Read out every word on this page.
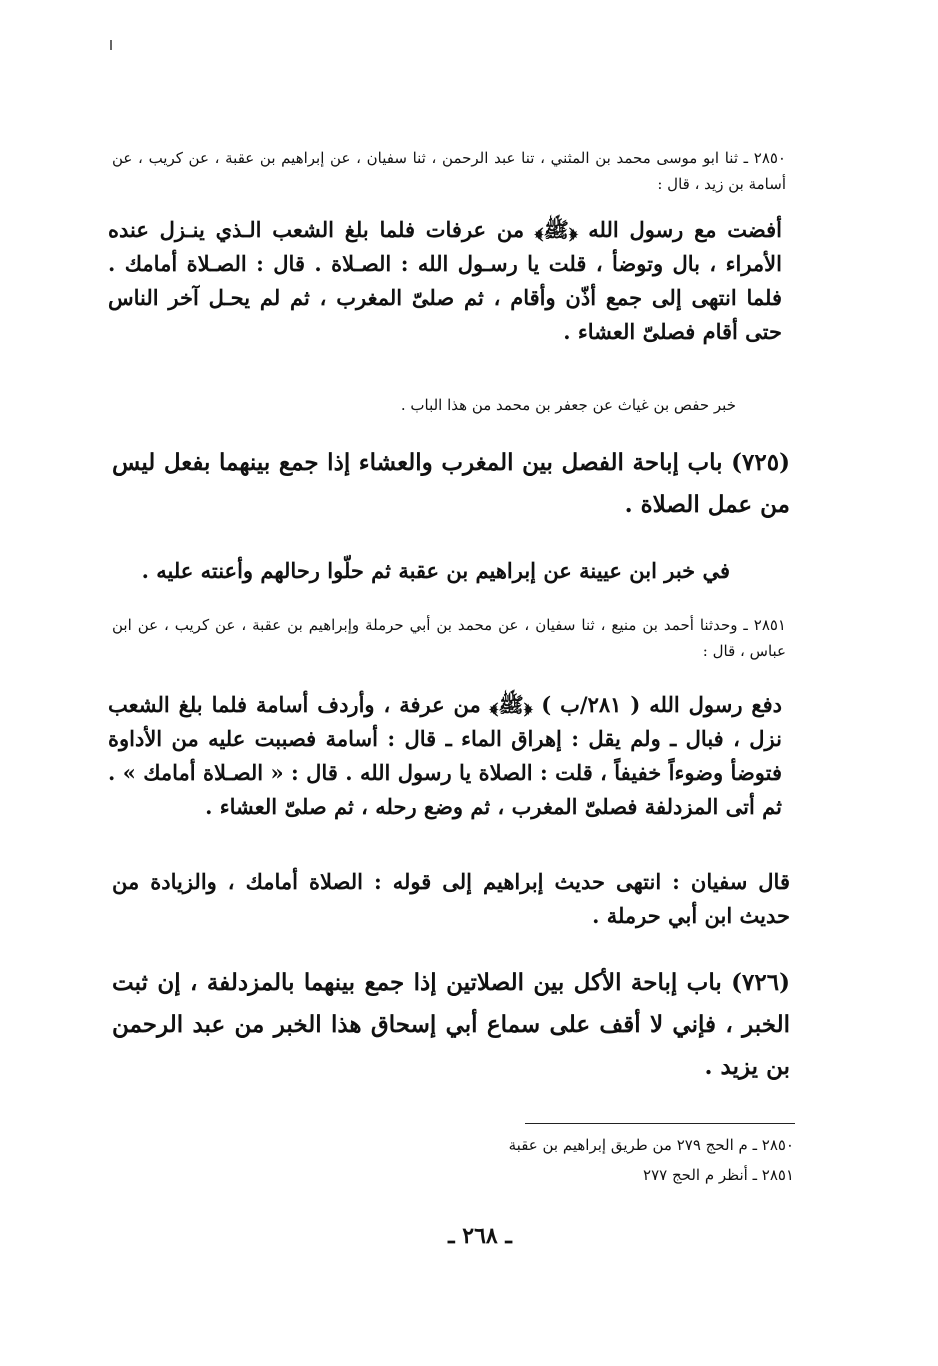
٢٨٥٠ ـ ثنا ابو موسى محمد بن المثني ، تنا عبد الرحمن ، ثنا سفيان ، عن إبراهيم بن عقبة ، عن كريب ، عن أسامة بن زيد ، قال :

أفضت مع رسول الله ﴿ﷺ﴾ من عرفات فلما بلغ الشعب الـذي ينـزل عنده الأمراء ، بال وتوضأ ، قلت يا رسـول الله : الصـلاة . قال : الصـلاة أمامك . فلما انتهى إلى جمع أذّن وأقام ، ثم صلىّ المغرب ، ثم لم يحـل آخر الناس حتى أقام فصلىّ العشاء .

خبر حفص بن غياث عن جعفر بن محمد من هذا الباب .

(٧٢٥) باب إباحة الفصل بين المغرب والعشاء إذا جمع بينهما بفعل ليس من عمل الصلاة .

في خبر ابن عيينة عن إبراهيم بن عقبة ثم حلّوا رحالهم وأعنته عليه .

٢٨٥١ ـ وحدثنا أحمد بن منيع ، ثنا سفيان ، عن محمد بن أبي حرملة وإبراهيم بن عقبة ، عن كريب ، عن ابن عباس ، قال :

دفع رسول الله ( ٢٨١/ب ) ﴿ﷺ﴾ من عرفة ، وأردف أسامة فلما بلغ الشعب نزل ، فبال ـ ولم يقل : إهراق الماء ـ قال : أسامة فصببت عليه من الأداوة فتوضأ وضوءاً خفيفاً ، قلت : الصلاة يا رسول الله . قال : « الصـلاة أمامك » . ثم أتى المزدلفة فصلىّ المغرب ، ثم وضع رحله ، ثم صلىّ العشاء .

قال سفيان : انتهى حديث إبراهيم إلى قوله : الصلاة أمامك ، والزيادة من حديث ابن أبي حرملة .

(٧٢٦) باب إباحة الأكل بين الصلاتين إذا جمع بينهما بالمزدلفة ، إن ثبت الخبر ، فإني لا أقف على سماع أبي إسحاق هذا الخبر من عبد الرحمن بن يزيد .

٢٨٥٠ ـ م الحج ٢٧٩ من طريق إبراهيم بن عقبة

٢٨٥١ ـ أنظر م الحج ٢٧٧

ـ ٢٦٨ ـ
